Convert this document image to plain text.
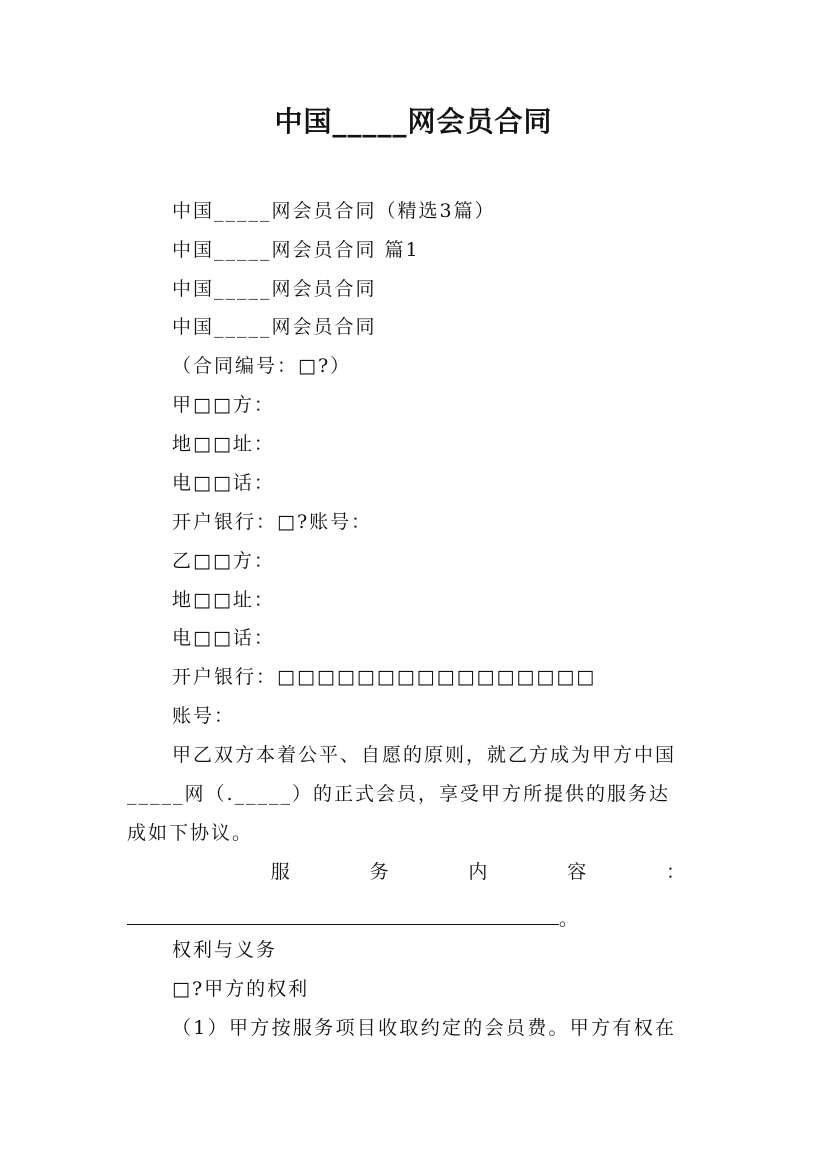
中国_____网会员合同
中国_____网会员合同（精选3篇）
中国_____网会员合同 篇1
中国_____网会员合同
中国_____网会员合同
（合同编号：□?）
甲□□方：
地□□址：
电□□话：
开户银行：□?账号：
乙□□方：
地□□址：
电□□话：
开户银行：□□□□□□□□□□□□□□□□
账号：
甲乙双方本着公平、自愿的原则，就乙方成为甲方中国
_____网（._____）的正式会员，享受甲方所提供的服务达
成如下协议。
服	务	内	容	：
。
权利与义务
□?甲方的权利
（1）甲方按服务项目收取约定的会员费。甲方有权在
